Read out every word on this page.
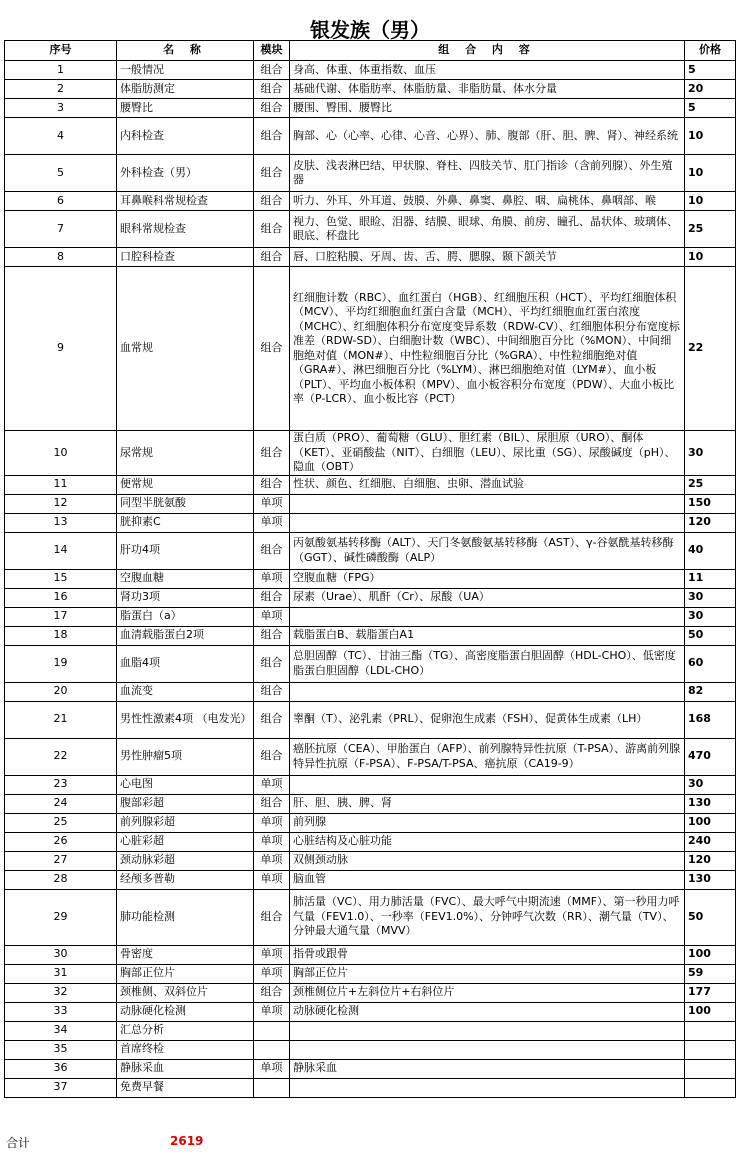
银发族（男）
序号	名 称	模块	组 合 内 容	价格
1	一般情况	组合	身高、体重、体重指数、血压	5
2	体脂肪测定	组合	基础代谢、体脂肪率、体脂肪量、非脂肪量、体水分量	20
3	腰臀比	组合	腰围、臀围、腰臀比	5
4	内科检查	组合	胸部、心（心率、心律、心音、心界）、肺、腹部（肝、胆、脾、肾）、神经系统	10
5	外科检查（男）	组合	皮肤、浅表淋巴结、甲状腺、脊柱、四肢关节、肛门指诊（含前列腺）、外生殖器	10
6	耳鼻喉科常规检查	组合	听力、外耳、外耳道、鼓膜、外鼻、鼻窦、鼻腔、咽、扁桃体、鼻咽部、喉	10
7	眼科常规检查	组合	视力、色觉、眼睑、泪器、结膜、眼球、角膜、前房、瞳孔、晶状体、玻璃体、眼底、杯盘比	25
8	口腔科检查	组合	唇、口腔粘膜、牙周、齿、舌、腭、腮腺、颞下颌关节	10
9	血常规	组合	红细胞计数（RBC）、血红蛋白（HGB）、红细胞压积（HCT）、平均红细胞体积（MCV）、平均红细胞血红蛋白含量（MCH）、平均红细胞血红蛋白浓度（MCHC）、红细胞体积分布宽度变异系数（RDW-CV）、红细胞体积分布宽度标准差（RDW-SD）、白细胞计数（WBC）、中间细胞百分比（%MON）、中间细胞绝对值（MON#）、中性粒细胞百分比（%GRA）、中性粒细胞绝对值（GRA#）、淋巴细胞百分比（%LYM）、淋巴细胞绝对值（LYM#）、血小板（PLT）、平均血小板体积（MPV）、血小板容积分布宽度（PDW）、大血小板比率（P-LCR）、血小板比容（PCT）	22
10	尿常规	组合	蛋白质（PRO）、葡萄糖（GLU）、胆红素（BIL）、尿胆原（URO）、酮体（KET）、亚硝酸盐（NIT）、白细胞（LEU）、尿比重（SG）、尿酸碱度（pH）、隐血（OBT）	30
11	便常规	组合	性状、颜色、红细胞、白细胞、虫卵、潜血试验	25
12	同型半胱氨酸	单项		150
13	胱抑素C	单项		120
14	肝功4项	组合	丙氨酸氨基转移酶（ALT）、天门冬氨酸氨基转移酶（AST）、γ-谷氨酰基转移酶（GGT）、碱性磷酸酶（ALP）	40
15	空腹血糖	单项	空腹血糖（FPG）	11
16	肾功3项	组合	尿素（Urae）、肌酐（Cr）、尿酸（UA）	30
17	脂蛋白（a）	单项		30
18	血清载脂蛋白2项	组合	载脂蛋白B、载脂蛋白A1	50
19	血脂4项	组合	总胆固醇（TC）、甘油三酯（TG）、高密度脂蛋白胆固醇（HDL-CHO）、低密度脂蛋白胆固醇（LDL-CHO）	60
20	血流变	组合		82
21	男性性激素4项 （电发光）	组合	睾酮（T）、泌乳素（PRL）、促卵泡生成素（FSH）、促黄体生成素（LH）	168
22	男性肿瘤5项	组合	癌胚抗原（CEA）、甲胎蛋白（AFP）、前列腺特异性抗原（T-PSA）、游离前列腺特异性抗原（F-PSA）、F-PSA/T-PSA、癌抗原（CA19-9）	470
23	心电图	单项		30
24	腹部彩超	组合	肝、胆、胰、脾、肾	130
25	前列腺彩超	单项	前列腺	100
26	心脏彩超	单项	心脏结构及心脏功能	240
27	颈动脉彩超	单项	双侧颈动脉	120
28	经颅多普勒	单项	脑血管	130
29	肺功能检测	组合	肺活量（VC）、用力肺活量（FVC）、最大呼气中期流速（MMF）、第一秒用力呼气量（FEV1.0）、一秒率（FEV1.0%）、分钟呼气次数（RR）、潮气量（TV）、分钟最大通气量（MVV）	50
30	骨密度	单项	指骨或跟骨	100
31	胸部正位片	单项	胸部正位片	59
32	颈椎侧、双斜位片	组合	颈椎侧位片+左斜位片+右斜位片	177
33	动脉硬化检测	单项	动脉硬化检测	100
34	汇总分析			
35	首席终检			
36	静脉采血	单项	静脉采血	
37	免费早餐			
合计	2619
